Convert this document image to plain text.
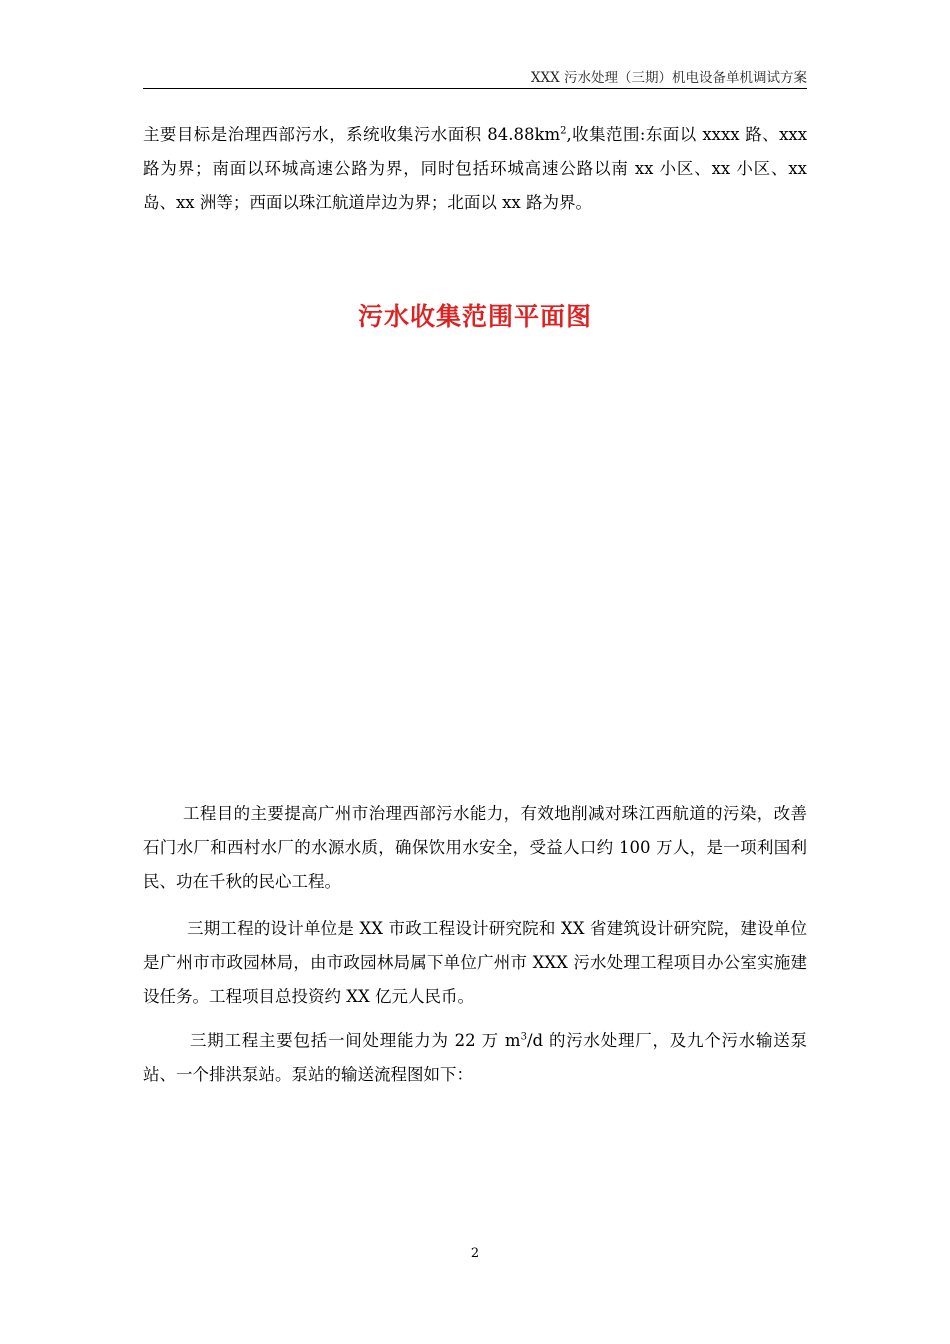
XXX 污水处理（三期）机电设备单机调试方案

主要目标是治理西部污水，系统收集污水面积 $84.88km^2$,收集范围:东面以 xxxx 路、xxx 路为界；南面以环城高速公路为界，同时包括环城高速公路以南 xx 小区、xx 小区、xx 岛、xx 洲等；西面以珠江航道岸边为界；北面以 xx 路为界。

污水收集范围平面图

工程目的主要提高广州市治理西部污水能力，有效地削减对珠江西航道的污染，改善石门水厂和西村水厂的水源水质，确保饮用水安全，受益人口约 100 万人，是一项利国利民、功在千秋的民心工程。

三期工程的设计单位是 XX 市政工程设计研究院和 XX 省建筑设计研究院，建设单位是广州市市政园林局，由市政园林局属下单位广州市 XXX 污水处理工程项目办公室实施建设任务。工程项目总投资约 XX 亿元人民币。

三期工程主要包括一间处理能力为 22 万 $m^3/d$ 的污水处理厂，及九个污水输送泵站、一个排洪泵站。泵站的输送流程图如下：

2
